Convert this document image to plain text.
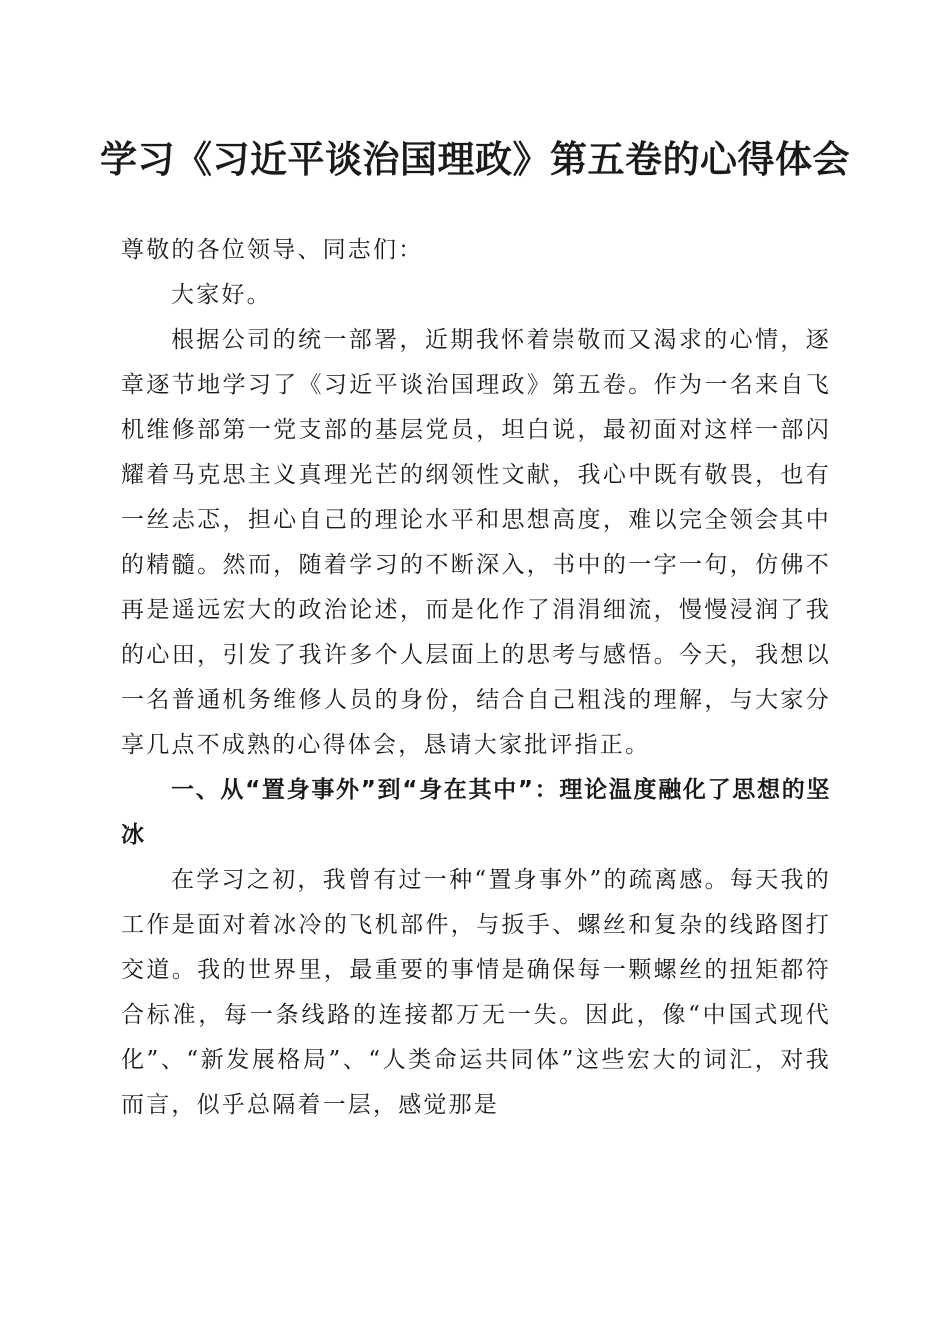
学习《习近平谈治国理政》第五卷的心得体会

尊敬的各位领导、同志们：

大家好。

根据公司的统一部署，近期我怀着崇敬而又渴求的心情，逐章逐节地学习了《习近平谈治国理政》第五卷。作为一名来自飞机维修部第一党支部的基层党员，坦白说，最初面对这样一部闪耀着马克思主义真理光芒的纲领性文献，我心中既有敬畏，也有一丝忐忑，担心自己的理论水平和思想高度，难以完全领会其中的精髓。然而，随着学习的不断深入，书中的一字一句，仿佛不再是遥远宏大的政治论述，而是化作了涓涓细流，慢慢浸润了我的心田，引发了我许多个人层面上的思考与感悟。今天，我想以一名普通机务维修人员的身份，结合自己粗浅的理解，与大家分享几点不成熟的心得体会，恳请大家批评指正。

一、从“置身事外”到“身在其中”：理论温度融化了思想的坚冰

在学习之初，我曾有过一种“置身事外”的疏离感。每天我的工作是面对着冰冷的飞机部件，与扳手、螺丝和复杂的线路图打交道。我的世界里，最重要的事情是确保每一颗螺丝的扭矩都符合标准，每一条线路的连接都万无一失。因此，像“中国式现代化”、“新发展格局”、“人类命运共同体”这些宏大的词汇，对我而言，似乎总隔着一层，感觉那是
